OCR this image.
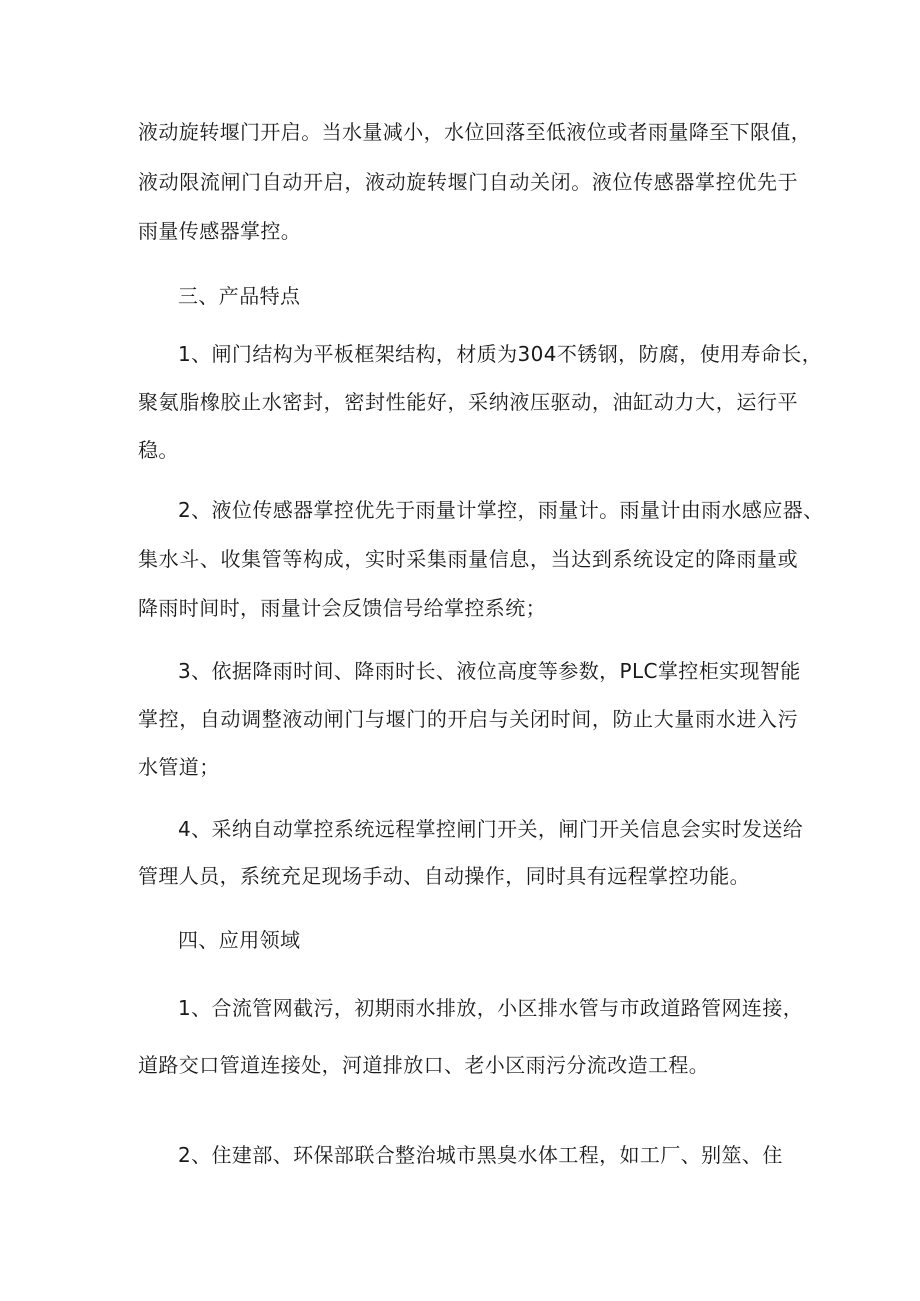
液动旋转堰门开启。当水量减小，水位回落至低液位或者雨量降至下限值，
液动限流闸门自动开启，液动旋转堰门自动关闭。液位传感器掌控优先于
雨量传感器掌控。
三、产品特点
1、闸门结构为平板框架结构，材质为304不锈钢，防腐，使用寿命长，
聚氨脂橡胶止水密封，密封性能好，采纳液压驱动，油缸动力大，运行平
稳。
2、液位传感器掌控优先于雨量计掌控，雨量计。雨量计由雨水感应器、
集水斗、收集管等构成，实时采集雨量信息，当达到系统设定的降雨量或
降雨时间时，雨量计会反馈信号给掌控系统；
3、依据降雨时间、降雨时长、液位高度等参数，PLC掌控柜实现智能
掌控，自动调整液动闸门与堰门的开启与关闭时间，防止大量雨水进入污
水管道；
4、采纳自动掌控系统远程掌控闸门开关，闸门开关信息会实时发送给
管理人员，系统充足现场手动、自动操作，同时具有远程掌控功能。
四、应用领域
1、合流管网截污，初期雨水排放，小区排水管与市政道路管网连接，
道路交口管道连接处，河道排放口、老小区雨污分流改造工程。
2、住建部、环保部联合整治城市黑臭水体工程，如工厂、别筮、住
